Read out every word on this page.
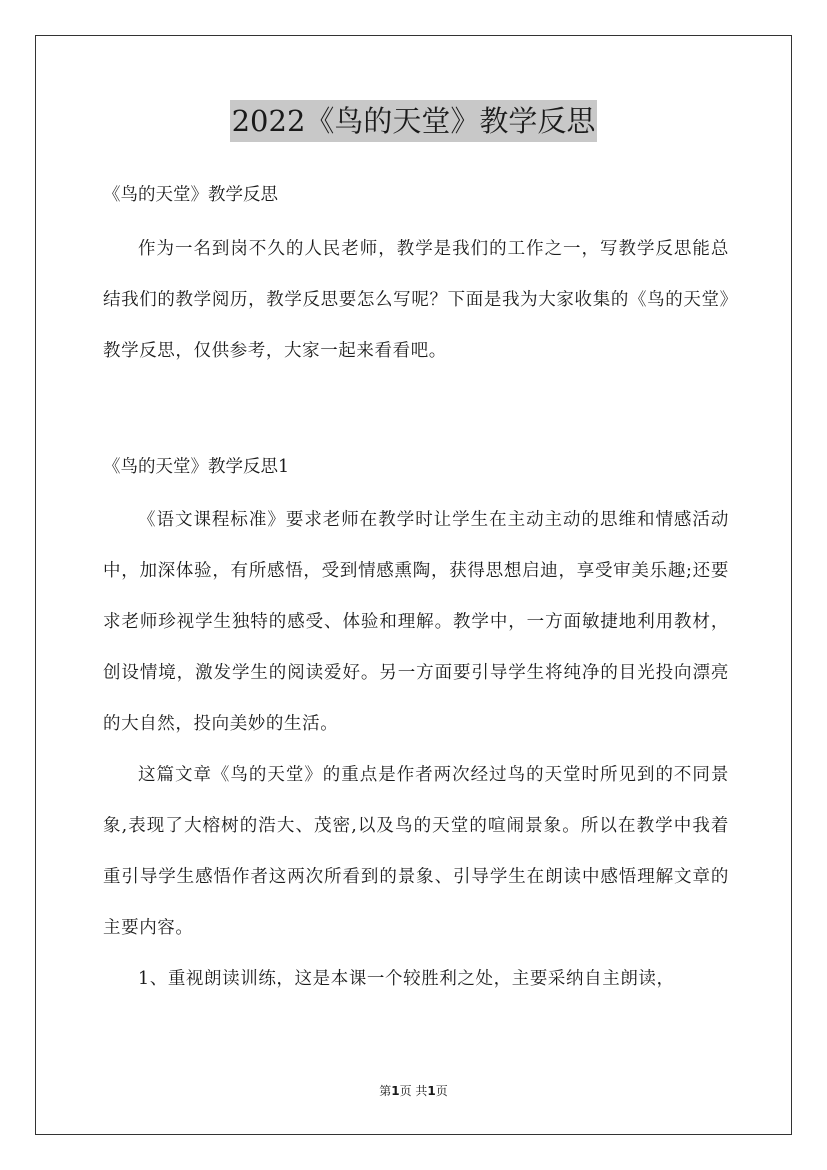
2022《鸟的天堂》教学反思
《鸟的天堂》教学反思

作为一名到岗不久的人民老师，教学是我们的工作之一，写教学反思能总结我们的教学阅历，教学反思要怎么写呢？下面是我为大家收集的《鸟的天堂》教学反思，仅供参考，大家一起来看看吧。

《鸟的天堂》教学反思1

《语文课程标准》要求老师在教学时让学生在主动主动的思维和情感活动中，加深体验，有所感悟，受到情感熏陶，获得思想启迪，享受审美乐趣;还要求老师珍视学生独特的感受、体验和理解。教学中，一方面敏捷地利用教材，创设情境，激发学生的阅读爱好。另一方面要引导学生将纯净的目光投向漂亮的大自然，投向美妙的生活。

这篇文章《鸟的天堂》的重点是作者两次经过鸟的天堂时所见到的不同景象,表现了大榕树的浩大、茂密,以及鸟的天堂的喧闹景象。所以在教学中我着重引导学生感悟作者这两次所看到的景象、引导学生在朗读中感悟理解文章的主要内容。

1、重视朗读训练，这是本课一个较胜利之处，主要采纳自主朗读，

第1页 共1页
